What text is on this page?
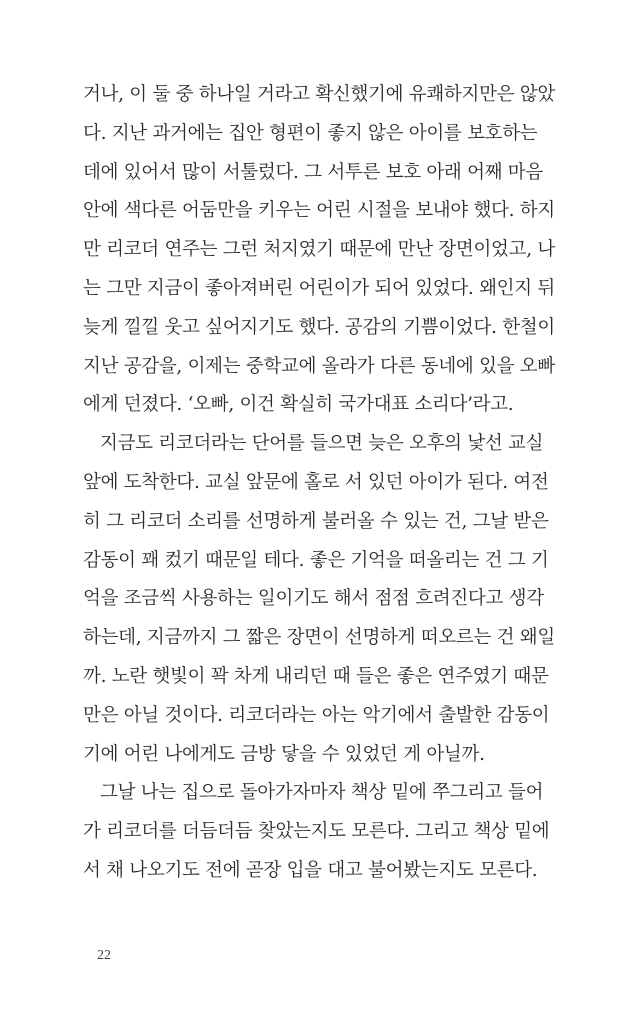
거나, 이 둘 중 하나일 거라고 확신했기에 유쾌하지만은 않았
다. 지난 과거에는 집안 형편이 좋지 않은 아이를 보호하는
데에 있어서 많이 서툴렀다. 그 서투른 보호 아래 어째 마음
안에 색다른 어둠만을 키우는 어린 시절을 보내야 했다. 하지
만 리코더 연주는 그런 처지였기 때문에 만난 장면이었고, 나
는 그만 지금이 좋아져버린 어린이가 되어 있었다. 왜인지 뒤
늦게 낄낄 웃고 싶어지기도 했다. 공감의 기쁨이었다. 한철이
지난 공감을, 이제는 중학교에 올라가 다른 동네에 있을 오빠
에게 던졌다. ‘오빠, 이건 확실히 국가대표 소리다’라고.
지금도 리코더라는 단어를 들으면 늦은 오후의 낯선 교실
앞에 도착한다. 교실 앞문에 홀로 서 있던 아이가 된다. 여전
히 그 리코더 소리를 선명하게 불러올 수 있는 건, 그날 받은
감동이 꽤 컸기 때문일 테다. 좋은 기억을 떠올리는 건 그 기
억을 조금씩 사용하는 일이기도 해서 점점 흐려진다고 생각
하는데, 지금까지 그 짧은 장면이 선명하게 떠오르는 건 왜일
까. 노란 햇빛이 꽉 차게 내리던 때 들은 좋은 연주였기 때문
만은 아닐 것이다. 리코더라는 아는 악기에서 출발한 감동이
기에 어린 나에게도 금방 닿을 수 있었던 게 아닐까.
그날 나는 집으로 돌아가자마자 책상 밑에 쭈그리고 들어
가 리코더를 더듬더듬 찾았는지도 모른다. 그리고 책상 밑에
서 채 나오기도 전에 곧장 입을 대고 불어봤는지도 모른다.
22
